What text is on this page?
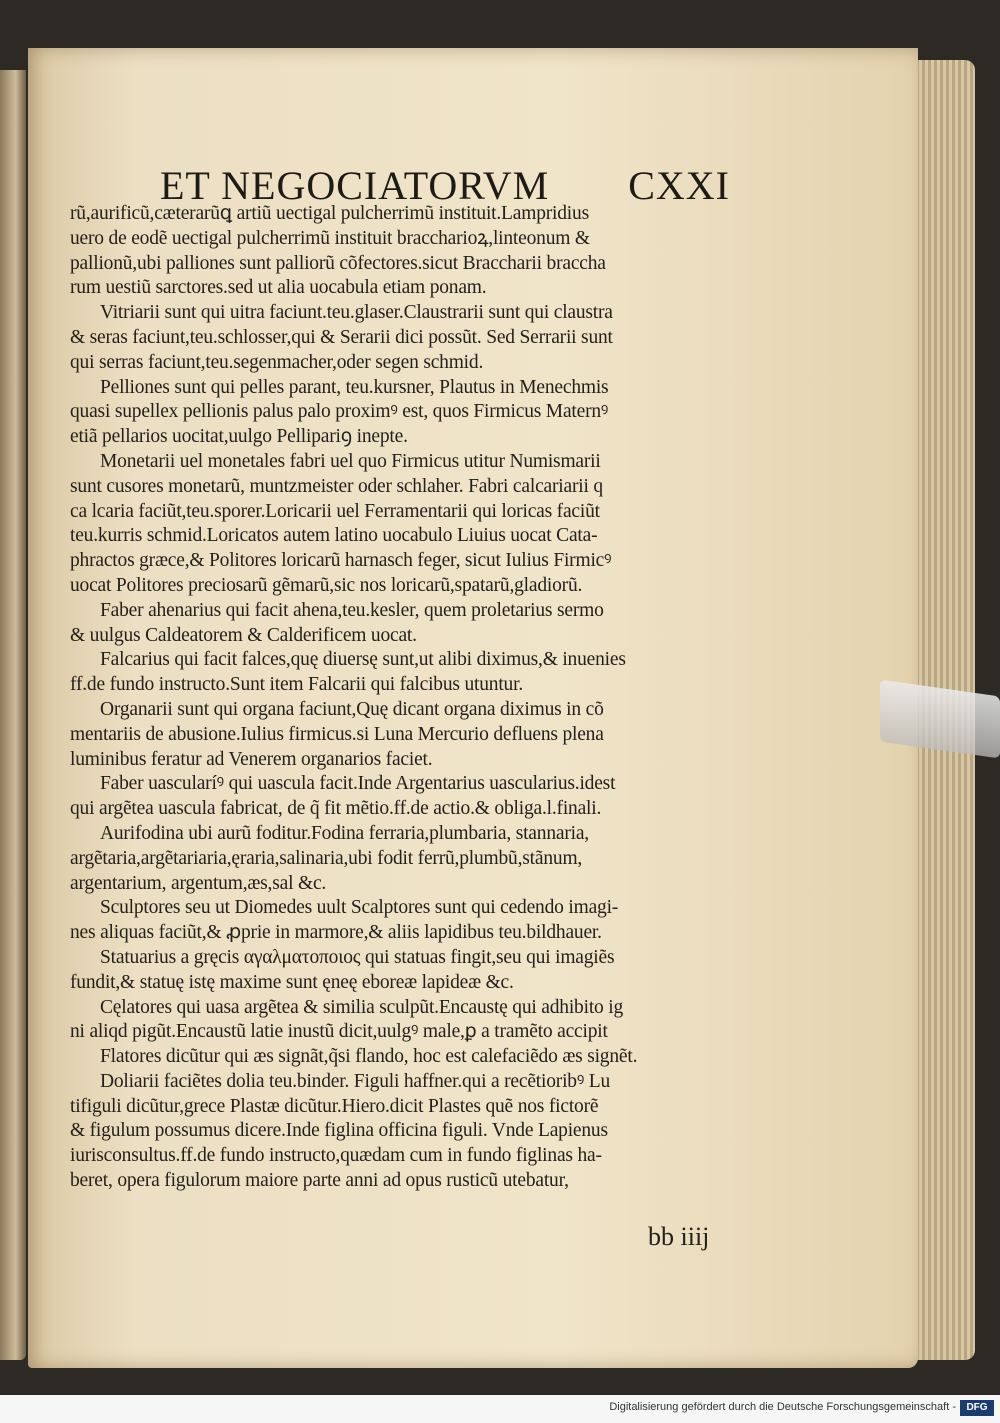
ET NEGOCIATORVM CXXI
rũ,aurificũ,cæterarũꝗ artiũ uectigal pulcherrimũ instituit.Lampridius
uero de eodẽ uectigal pulcherrimũ instituit braccharioꝝ,linteonum &
pallionũ,ubi palliones sunt palliorũ cõfectores.sicut Braccharii braccha
rum uestiũ sarctores.sed ut alia uocabula etiam ponam.
Vitriarii sunt qui uitra faciunt.teu.glaser.Claustrarii sunt qui claustra
& seras faciunt,teu.schlosser,qui & Serarii dici possũt. Sed Serrarii sunt
qui serras faciunt,teu.segenmacher,oder segen schmid.
Pelliones sunt qui pelles parant, teu.kursner, Plautus in Menechmis
quasi supellex pellionis palus palo proximꝰ est, quos Firmicus Maternꝰ
etiã pellarios uocitat,uulgo Pellipariꝯ inepte.
Monetarii uel monetales fabri uel quo Firmicus utitur Numismarii
sunt cusores monetarũ, muntzmeister oder schlaher. Fabri calcariarii q
ca lcaria faciũt,teu.sporer.Loricarii uel Ferramentarii qui loricas faciũt
teu.kurris schmid.Loricatos autem latino uocabulo Liuius uocat Cata-
phractos græce,& Politores loricarũ harnasch feger, sicut Iulius Firmicꝰ
uocat Politores preciosarũ gẽmarũ,sic nos loricarũ,spatarũ,gladiorũ.
Faber ahenarius qui facit ahena,teu.kesler, quem proletarius sermo
& uulgus Caldeatorem & Calderificem uocat.
Falcarius qui facit falces,quę diuersę sunt,ut alibi diximus,& inuenies
ff.de fundo instructo.Sunt item Falcarii qui falcibus utuntur.
Organarii sunt qui organa faciunt,Quę dicant organa diximus in cõ
mentariis de abusione.Iulius firmicus.si Luna Mercurio defluens plena
luminibus feratur ad Venerem organarios faciet.
Faber uascularíꝰ qui uascula facit.Inde Argentarius uascularius.idest
qui argẽtea uascula fabricat, de q̃ fit mẽtio.ff.de actio.& obliga.l.finali.
Aurifodina ubi aurũ foditur.Fodina ferraria,plumbaria, stannaria,
argẽtaria,argẽtariaria,ęraria,salinaria,ubi fodit ferrũ,plumbũ,stãnum,
argentarium, argentum,æs,sal &c.
Sculptores seu ut Diomedes uult Scalptores sunt qui cedendo imagi-
nes aliquas faciũt,& ꝓprie in marmore,& aliis lapidibus teu.bildhauer.
Statuarius a gręcis αγαλματοποιος qui statuas fingit,seu qui imagiẽs
fundit,& statuę istę maxime sunt ęneę eboreæ lapideæ &c.
Cęlatores qui uasa argẽtea & similia sculpũt.Encaustę qui adhibito ig
ni aliqd pigũt.Encaustũ latie inustũ dicit,uulgꝰ male,ꝑ a tramẽto accipit
Flatores dicũtur qui æs signãt,q̃si flando, hoc est calefaciẽdo æs signẽt.
Doliarii faciẽtes dolia teu.binder. Figuli haffner.qui a recẽtioribꝰ Lu
tifiguli dicũtur,grece Plastæ dicũtur.Hiero.dicit Plastes quẽ nos fictorẽ
& figulum possumus dicere.Inde figlina officina figuli. Vnde Lapienus
iurisconsultus.ff.de fundo instructo,quædam cum in fundo figlinas ha-
beret, opera figulorum maiore parte anni ad opus rusticũ utebatur,
bb iiij
Digitalisierung gefördert durch die Deutsche Forschungsgemeinschaft -	DFG
